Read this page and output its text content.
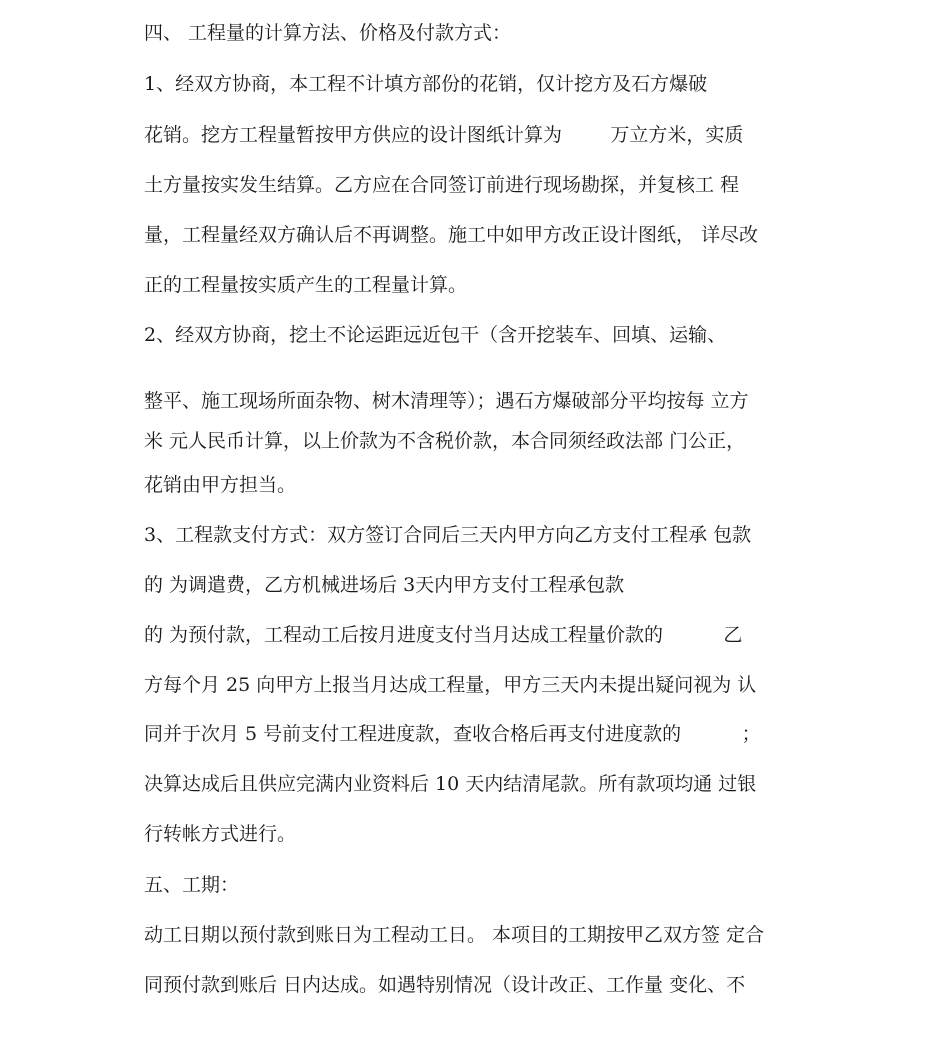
四、 工程量的计算方法、价格及付款方式：
1、经双方协商，本工程不计填方部份的花销，仅计挖方及石方爆破
花销。挖方工程量暂按甲方供应的设计图纸计算为        万立方米，实质
土方量按实发生结算。乙方应在合同签订前进行现场勘探，并复核工 程
量，工程量经双方确认后不再调整。施工中如甲方改正设计图纸， 详尽改
正的工程量按实质产生的工程量计算。
2、经双方协商，挖土不论运距远近包干（含开挖装车、回填、运输、
整平、施工现场所面杂物、树木清理等）；遇石方爆破部分平均按每 立方
米 元人民币计算，以上价款为不含税价款，本合同须经政法部 门公正，
花销由甲方担当。
3、工程款支付方式：双方签订合同后三天内甲方向乙方支付工程承 包款
的 为调遣费，乙方机械进场后 3天内甲方支付工程承包款
的 为预付款，工程动工后按月进度支付当月达成工程量价款的          乙
方每个月 25 向甲方上报当月达成工程量，甲方三天内未提出疑问视为 认
同并于次月 5 号前支付工程进度款，查收合格后再支付进度款的          ；
决算达成后且供应完满内业资料后 10 天内结清尾款。所有款项均通 过银
行转帐方式进行。
五、工期：
动工日期以预付款到账日为工程动工日。 本项目的工期按甲乙双方签 定合
同预付款到账后 日内达成。如遇特别情况（设计改正、工作量 变化、不
